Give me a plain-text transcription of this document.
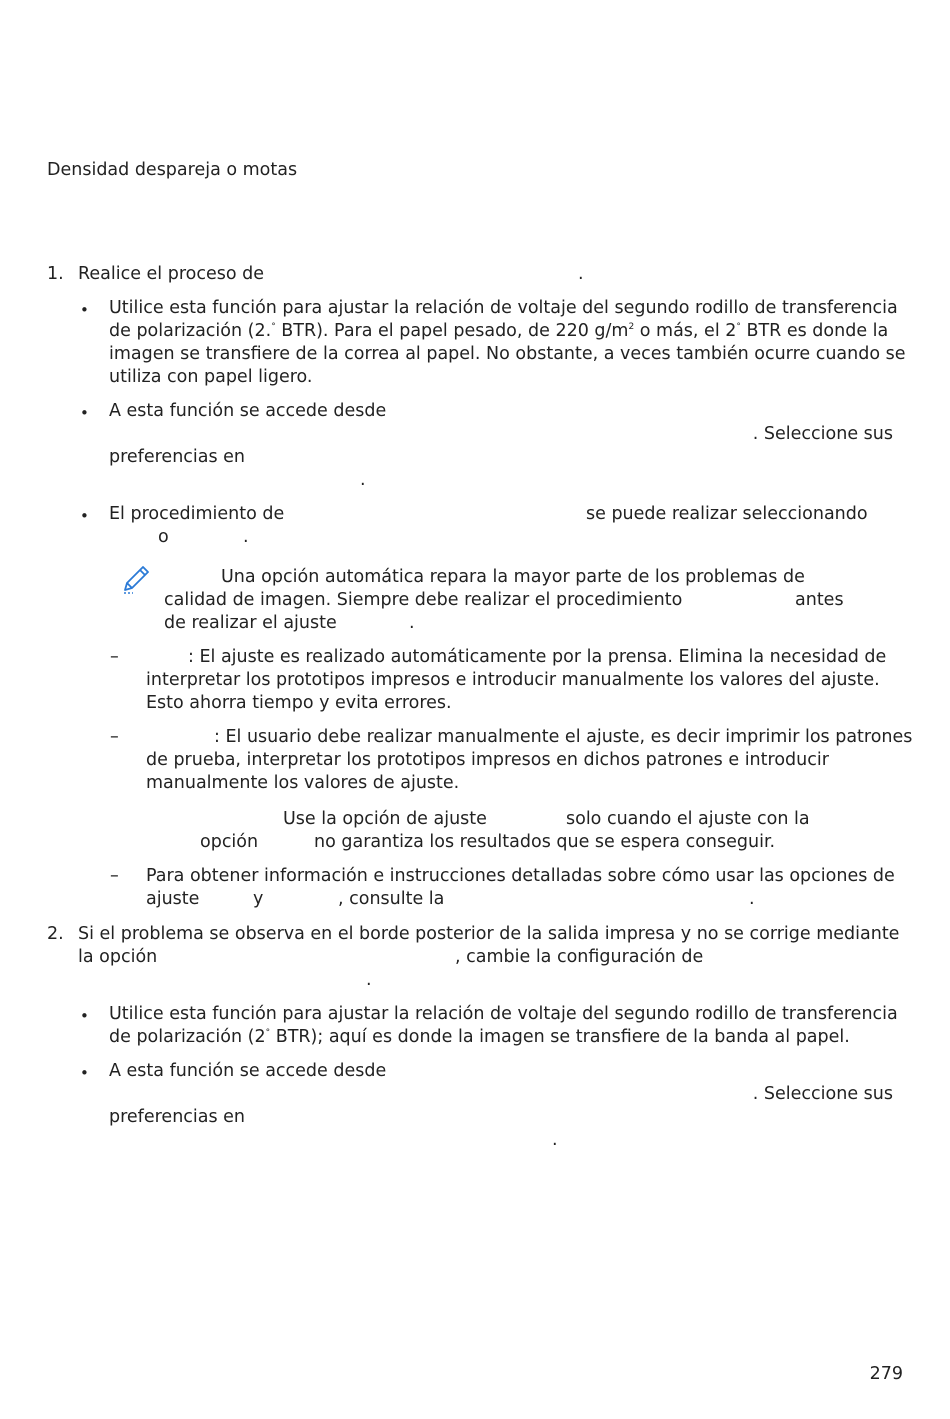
Densidad despareja o motas
1. Realice el proceso de	.
• Utilice esta función para ajustar la relación de voltaje del segundo rodillo de transferencia
de polarización (2.° BTR). Para el papel pesado, de 220 $g/m^2$ o más, el 2° BTR es donde la
imagen se transfiere de la correa al papel. No obstante, a veces también ocurre cuando se
utiliza con papel ligero.
• A esta función se accede desde
. Seleccione sus
preferencias en
.
• El procedimiento de	se puede realizar seleccionando
o	.
Una opción automática repara la mayor parte de los problemas de
calidad de imagen. Siempre debe realizar el procedimiento	antes
de realizar el ajuste	.
–	: El ajuste es realizado automáticamente por la prensa. Elimina la necesidad de
interpretar los prototipos impresos e introducir manualmente los valores del ajuste.
Esto ahorra tiempo y evita errores.
–	: El usuario debe realizar manualmente el ajuste, es decir imprimir los patrones
de prueba, interpretar los prototipos impresos en dichos patrones e introducir
manualmente los valores de ajuste.
Use la opción de ajuste	solo cuando el ajuste con la
opción	no garantiza los resultados que se espera conseguir.
– Para obtener información e instrucciones detalladas sobre cómo usar las opciones de
ajuste	y	, consulte la	.
2. Si el problema se observa en el borde posterior de la salida impresa y no se corrige mediante
la opción	, cambie la configuración de
.
• Utilice esta función para ajustar la relación de voltaje del segundo rodillo de transferencia
de polarización (2° BTR); aquí es donde la imagen se transfiere de la banda al papel.
• A esta función se accede desde
. Seleccione sus
preferencias en
.
279
